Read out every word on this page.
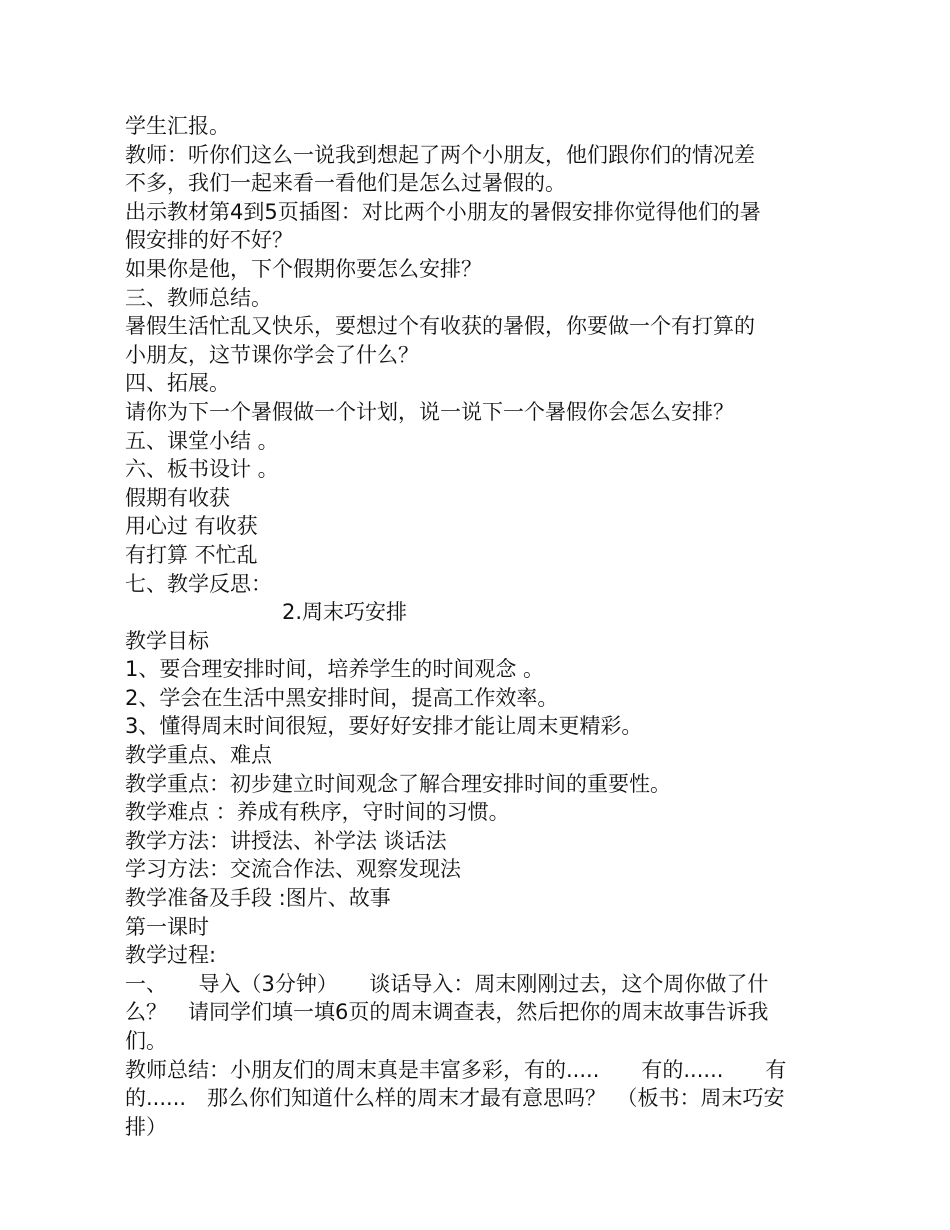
学生汇报。
教师：听你们这么一说我到想起了两个小朋友，他们跟你们的情况差
不多，我们一起来看一看他们是怎么过暑假的。
出示教材第4到5页插图：对比两个小朋友的暑假安排你觉得他们的暑
假安排的好不好？
如果你是他，下个假期你要怎么安排？
三、教师总结。
暑假生活忙乱又快乐，要想过个有收获的暑假，你要做一个有打算的
小朋友，这节课你学会了什么？
四、拓展。
请你为下一个暑假做一个计划，说一说下一个暑假你会怎么安排？
五、课堂小结 。
六、板书设计 。
假期有收获
用心过 有收获
有打算 不忙乱
七、教学反思：
2.周末巧安排
教学目标
1、要合理安排时间，培养学生的时间观念 。
2、学会在生活中黑安排时间，提高工作效率。
3、懂得周末时间很短，要好好安排才能让周末更精彩。
教学重点、难点
教学重点：初步建立时间观念了解合理安排时间的重要性。
教学难点 ：养成有秩序，守时间的习惯。
教学方法：讲授法、补学法 谈话法
学习方法：交流合作法、观察发现法
教学准备及手段 :图片、故事
第一课时
教学过程:
一、　　导入（3分钟）　　谈话导入：周末刚刚过去，这个周你做了什
么？　请同学们填一填6页的周末调查表，然后把你的周末故事告诉我
们。
教师总结：小朋友们的周末真是丰富多彩，有的.....　　有的......　　有
的......　那么你们知道什么样的周末才最有意思吗？　（板书：周末巧安
排）
